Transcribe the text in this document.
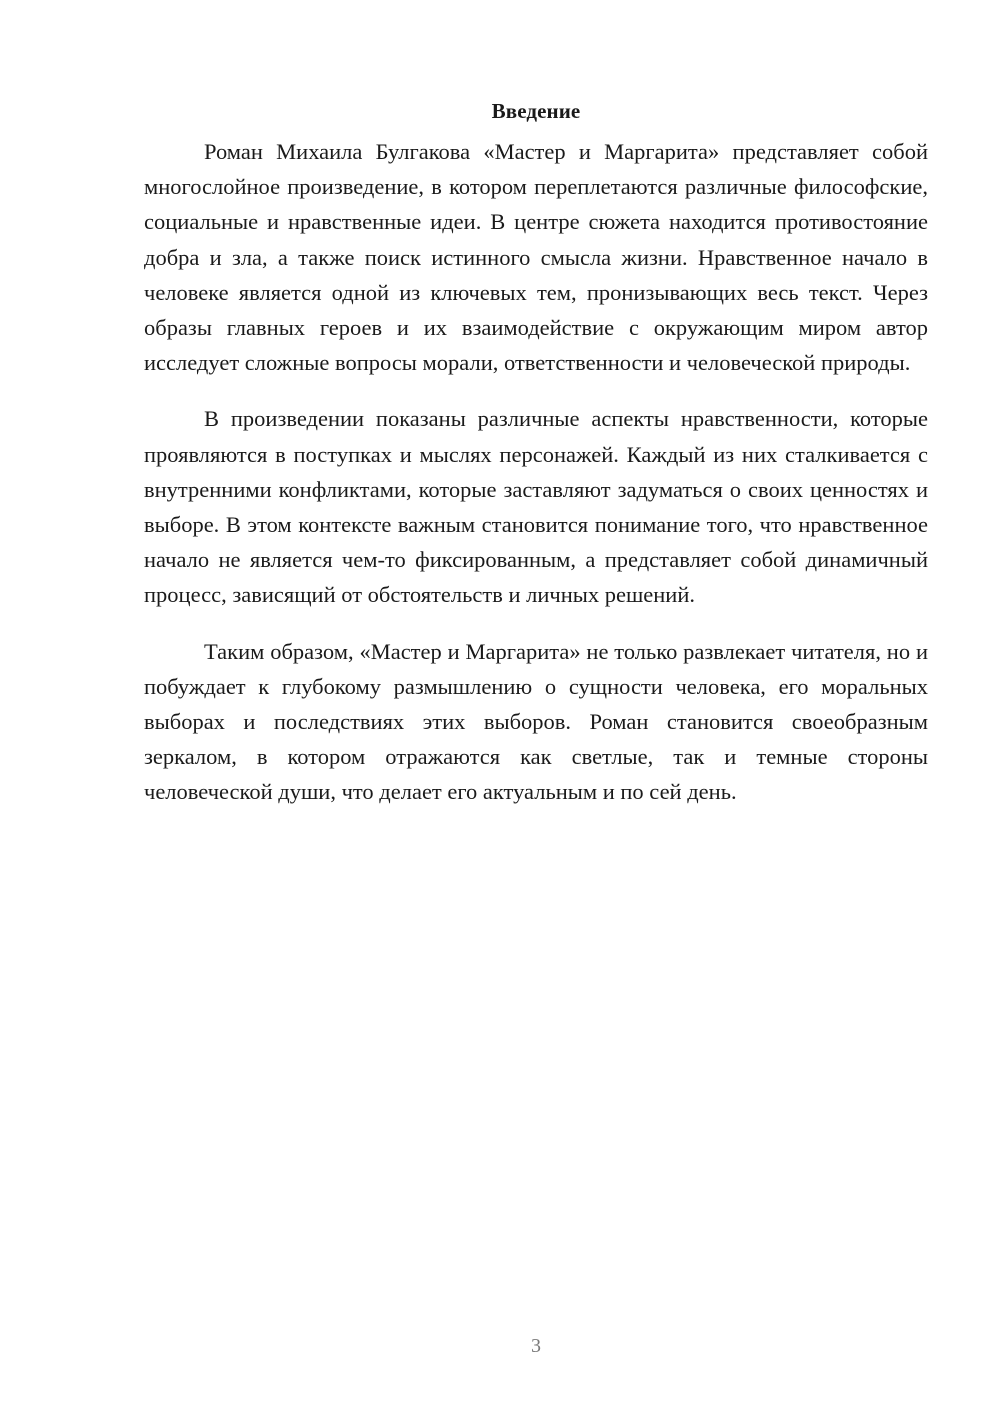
Введение

Роман Михаила Булгакова «Мастер и Маргарита» представляет собой многослойное произведение, в котором переплетаются различные философские, социальные и нравственные идеи. В центре сюжета находится противостояние добра и зла, а также поиск истинного смысла жизни. Нравственное начало в человеке является одной из ключевых тем, пронизывающих весь текст. Через образы главных героев и их взаимодействие с окружающим миром автор исследует сложные вопросы морали, ответственности и человеческой природы.

В произведении показаны различные аспекты нравственности, которые проявляются в поступках и мыслях персонажей. Каждый из них сталкивается с внутренними конфликтами, которые заставляют задуматься о своих ценностях и выборе. В этом контексте важным становится понимание того, что нравственное начало не является чем-то фиксированным, а представляет собой динамичный процесс, зависящий от обстоятельств и личных решений.

Таким образом, «Мастер и Маргарита» не только развлекает читателя, но и побуждает к глубокому размышлению о сущности человека, его моральных выборах и последствиях этих выборов. Роман становится своеобразным зеркалом, в котором отражаются как светлые, так и темные стороны человеческой души, что делает его актуальным и по сей день.

3
